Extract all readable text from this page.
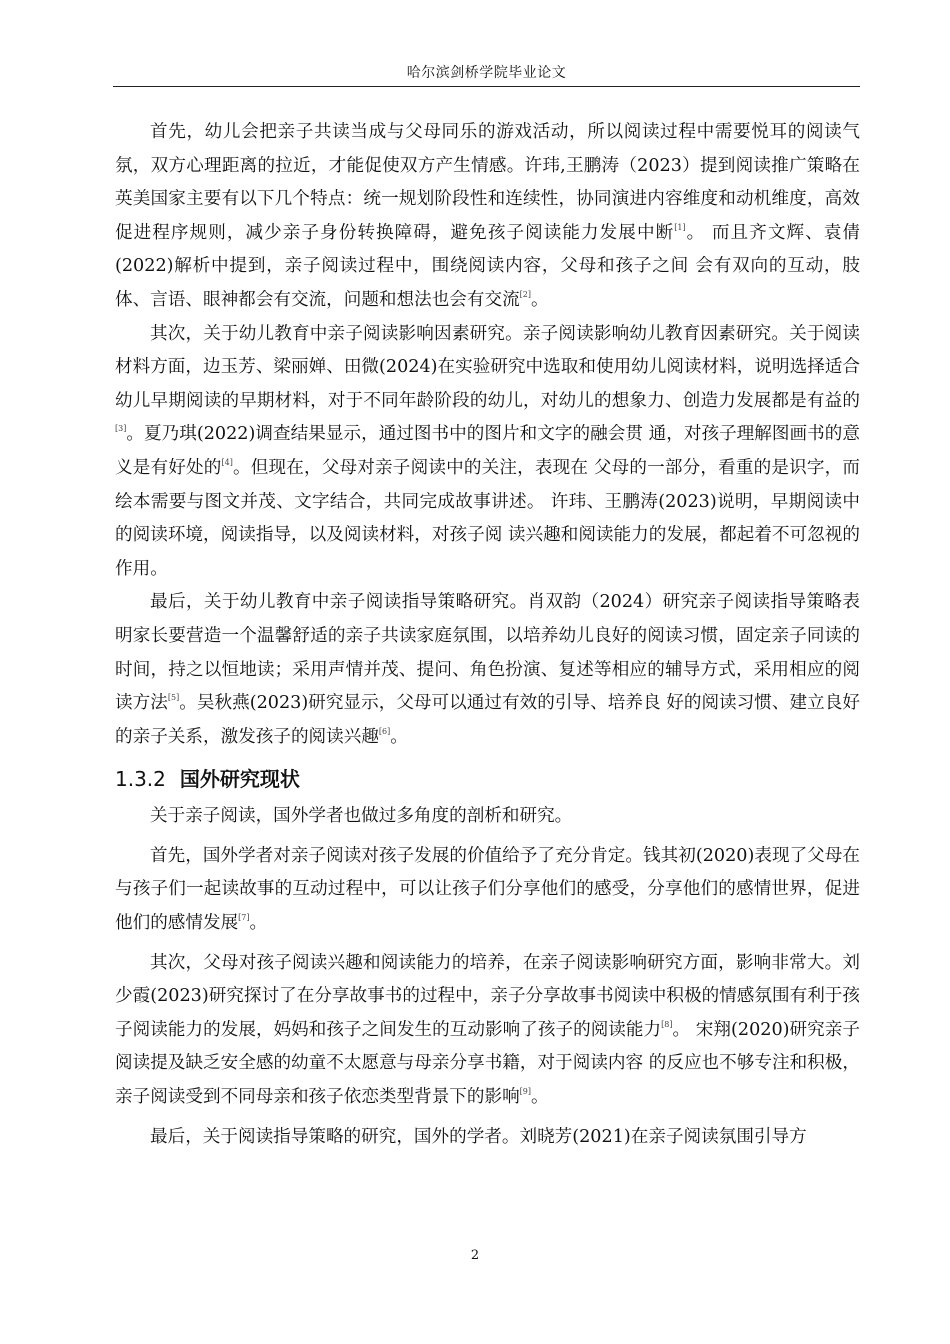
哈尔滨剑桥学院毕业论文

首先，幼儿会把亲子共读当成与父母同乐的游戏活动，所以阅读过程中需要悦耳的阅读气氛，双方心理距离的拉近，才能促使双方产生情感。许玮,王鹏涛（2023）提到阅读推广策略在英美国家主要有以下几个特点：统一规划阶段性和连续性，协同演进内容维度和动机维度，高效促进程序规则，减少亲子身份转换障碍，避免孩子阅读能力发展中断[1]。 而且齐文辉、袁倩(2022)解析中提到，亲子阅读过程中，围绕阅读内容，父母和孩子之间 会有双向的互动，肢体、言语、眼神都会有交流，问题和想法也会有交流[2]。

其次，关于幼儿教育中亲子阅读影响因素研究。亲子阅读影响幼儿教育因素研究。关于阅读材料方面，边玉芳、梁丽婵、田微(2024)在实验研究中选取和使用幼儿阅读材料，说明选择适合幼儿早期阅读的早期材料，对于不同年龄阶段的幼儿，对幼儿的想象力、创造力发展都是有益的[3]。夏乃琪(2022)调查结果显示，通过图书中的图片和文字的融会贯 通，对孩子理解图画书的意义是有好处的[4]。但现在，父母对亲子阅读中的关注，表现在 父母的一部分，看重的是识字，而绘本需要与图文并茂、文字结合，共同完成故事讲述。 许玮、王鹏涛(2023)说明，早期阅读中的阅读环境，阅读指导，以及阅读材料，对孩子阅 读兴趣和阅读能力的发展，都起着不可忽视的作用。

最后，关于幼儿教育中亲子阅读指导策略研究。肖双韵（2024）研究亲子阅读指导策略表明家长要营造一个温馨舒适的亲子共读家庭氛围，以培养幼儿良好的阅读习惯，固定亲子同读的时间，持之以恒地读；采用声情并茂、提问、角色扮演、复述等相应的辅导方式，采用相应的阅读方法[5]。吴秋燕(2023)研究显示，父母可以通过有效的引导、培养良 好的阅读习惯、建立良好的亲子关系，激发孩子的阅读兴趣[6]。

1.3.2 国外研究现状

关于亲子阅读，国外学者也做过多角度的剖析和研究。

首先，国外学者对亲子阅读对孩子发展的价值给予了充分肯定。钱其初(2020)表现了父母在与孩子们一起读故事的互动过程中，可以让孩子们分享他们的感受，分享他们的感情世界，促进他们的感情发展[7]。

其次，父母对孩子阅读兴趣和阅读能力的培养，在亲子阅读影响研究方面，影响非常大。刘少霞(2023)研究探讨了在分享故事书的过程中，亲子分享故事书阅读中积极的情感氛围有利于孩子阅读能力的发展，妈妈和孩子之间发生的互动影响了孩子的阅读能力[8]。 宋翔(2020)研究亲子阅读提及缺乏安全感的幼童不太愿意与母亲分享书籍，对于阅读内容 的反应也不够专注和积极，亲子阅读受到不同母亲和孩子依恋类型背景下的影响[9]。

最后，关于阅读指导策略的研究，国外的学者。刘晓芳(2021)在亲子阅读氛围引导方

2
